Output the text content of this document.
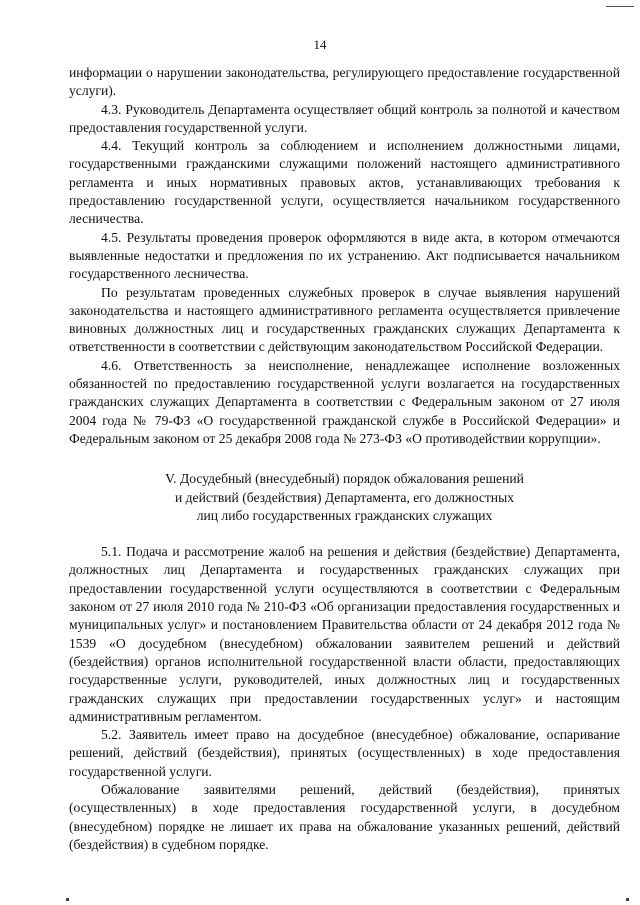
14

информации о нарушении законодательства, регулирующего предоставление государственной услуги).

4.3. Руководитель Департамента осуществляет общий контроль за полнотой и качеством предоставления государственной услуги.

4.4. Текущий контроль за соблюдением и исполнением должностными лицами, государственными гражданскими служащими положений настоящего административного регламента и иных нормативных правовых актов, устанавливающих требования к предоставлению государственной услуги, осуществляется начальником государственного лесничества.

4.5. Результаты проведения проверок оформляются в виде акта, в котором отмечаются выявленные недостатки и предложения по их устранению. Акт подписывается начальником государственного лесничества.

По результатам проведенных служебных проверок в случае выявления нарушений законодательства и настоящего административного регламента осуществляется привлечение виновных должностных лиц и государственных гражданских служащих Департамента к ответственности в соответствии с действующим законодательством Российской Федерации.

4.6. Ответственность за неисполнение, ненадлежащее исполнение возложенных обязанностей по предоставлению государственной услуги возлагается на государственных гражданских служащих Департамента в соответствии с Федеральным законом от 27 июля 2004 года № 79-ФЗ «О государственной гражданской службе в Российской Федерации» и Федеральным законом от 25 декабря 2008 года № 273-ФЗ «О противодействии коррупции».

V. Досудебный (внесудебный) порядок обжалования решений
и действий (бездействия) Департамента, его должностных
лиц либо государственных гражданских служащих

5.1. Подача и рассмотрение жалоб на решения и действия (бездействие) Департамента, должностных лиц Департамента и государственных гражданских служащих при предоставлении государственной услуги осуществляются в соответствии с Федеральным законом от 27 июля 2010 года № 210-ФЗ «Об организации предоставления государственных и муниципальных услуг» и постановлением Правительства области от 24 декабря 2012 года № 1539 «О досудебном (внесудебном) обжаловании заявителем решений и действий (бездействия) органов исполнительной государственной власти области, предоставляющих государственные услуги, руководителей, иных должностных лиц и государственных гражданских служащих при предоставлении государственных услуг» и настоящим административным регламентом.

5.2. Заявитель имеет право на досудебное (внесудебное) обжалование, оспаривание решений, действий (бездействия), принятых (осуществленных) в ходе предоставления государственной услуги.

Обжалование заявителями решений, действий (бездействия), принятых (осуществленных) в ходе предоставления государственной услуги, в досудебном (внесудебном) порядке не лишает их права на обжалование указанных решений, действий (бездействия) в судебном порядке.
